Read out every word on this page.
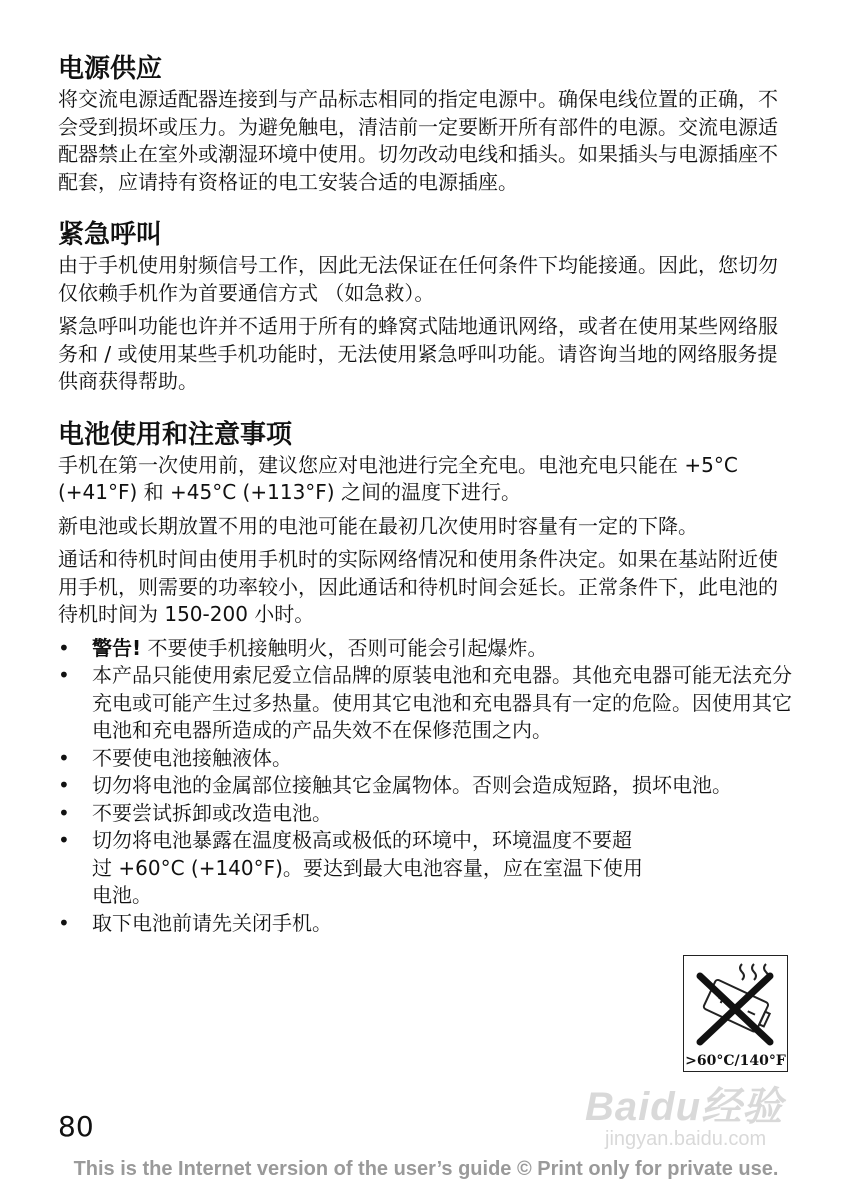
电源供应

将交流电源适配器连接到与产品标志相同的指定电源中。确保电线位置的正确，不会受到损坏或压力。为避免触电，清洁前一定要断开所有部件的电源。交流电源适配器禁止在室外或潮湿环境中使用。切勿改动电线和插头。如果插头与电源插座不配套，应请持有资格证的电工安装合适的电源插座。

紧急呼叫

由于手机使用射频信号工作，因此无法保证在任何条件下均能接通。因此，您切勿仅依赖手机作为首要通信方式 （如急救）。

紧急呼叫功能也许并不适用于所有的蜂窝式陆地通讯网络，或者在使用某些网络服务和 / 或使用某些手机功能时，无法使用紧急呼叫功能。请咨询当地的网络服务提供商获得帮助。

电池使用和注意事项

手机在第一次使用前，建议您应对电池进行完全充电。电池充电只能在 +5°C (+41°F) 和 +45°C (+113°F) 之间的温度下进行。

新电池或长期放置不用的电池可能在最初几次使用时容量有一定的下降。

通话和待机时间由使用手机时的实际网络情况和使用条件决定。如果在基站附近使用手机，则需要的功率较小，因此通话和待机时间会延长。正常条件下，此电池的待机时间为 150-200 小时。

• 警告! 不要使手机接触明火，否则可能会引起爆炸。
• 本产品只能使用索尼爱立信品牌的原装电池和充电器。其他充电器可能无法充分充电或可能产生过多热量。使用其它电池和充电器具有一定的危险。因使用其它电池和充电器所造成的产品失效不在保修范围之内。
• 不要使电池接触液体。
• 切勿将电池的金属部位接触其它金属物体。否则会造成短路，损坏电池。
• 不要尝试拆卸或改造电池。
• 切勿将电池暴露在温度极高或极低的环境中，环境温度不要超过 +60°C (+140°F)。要达到最大电池容量，应在室温下使用电池。
• 取下电池前请先关闭手机。
>60°C/140°F
80	Baidu经验
jingyan.baidu.com
This is the Internet version of the user’s guide © Print only for private use.
